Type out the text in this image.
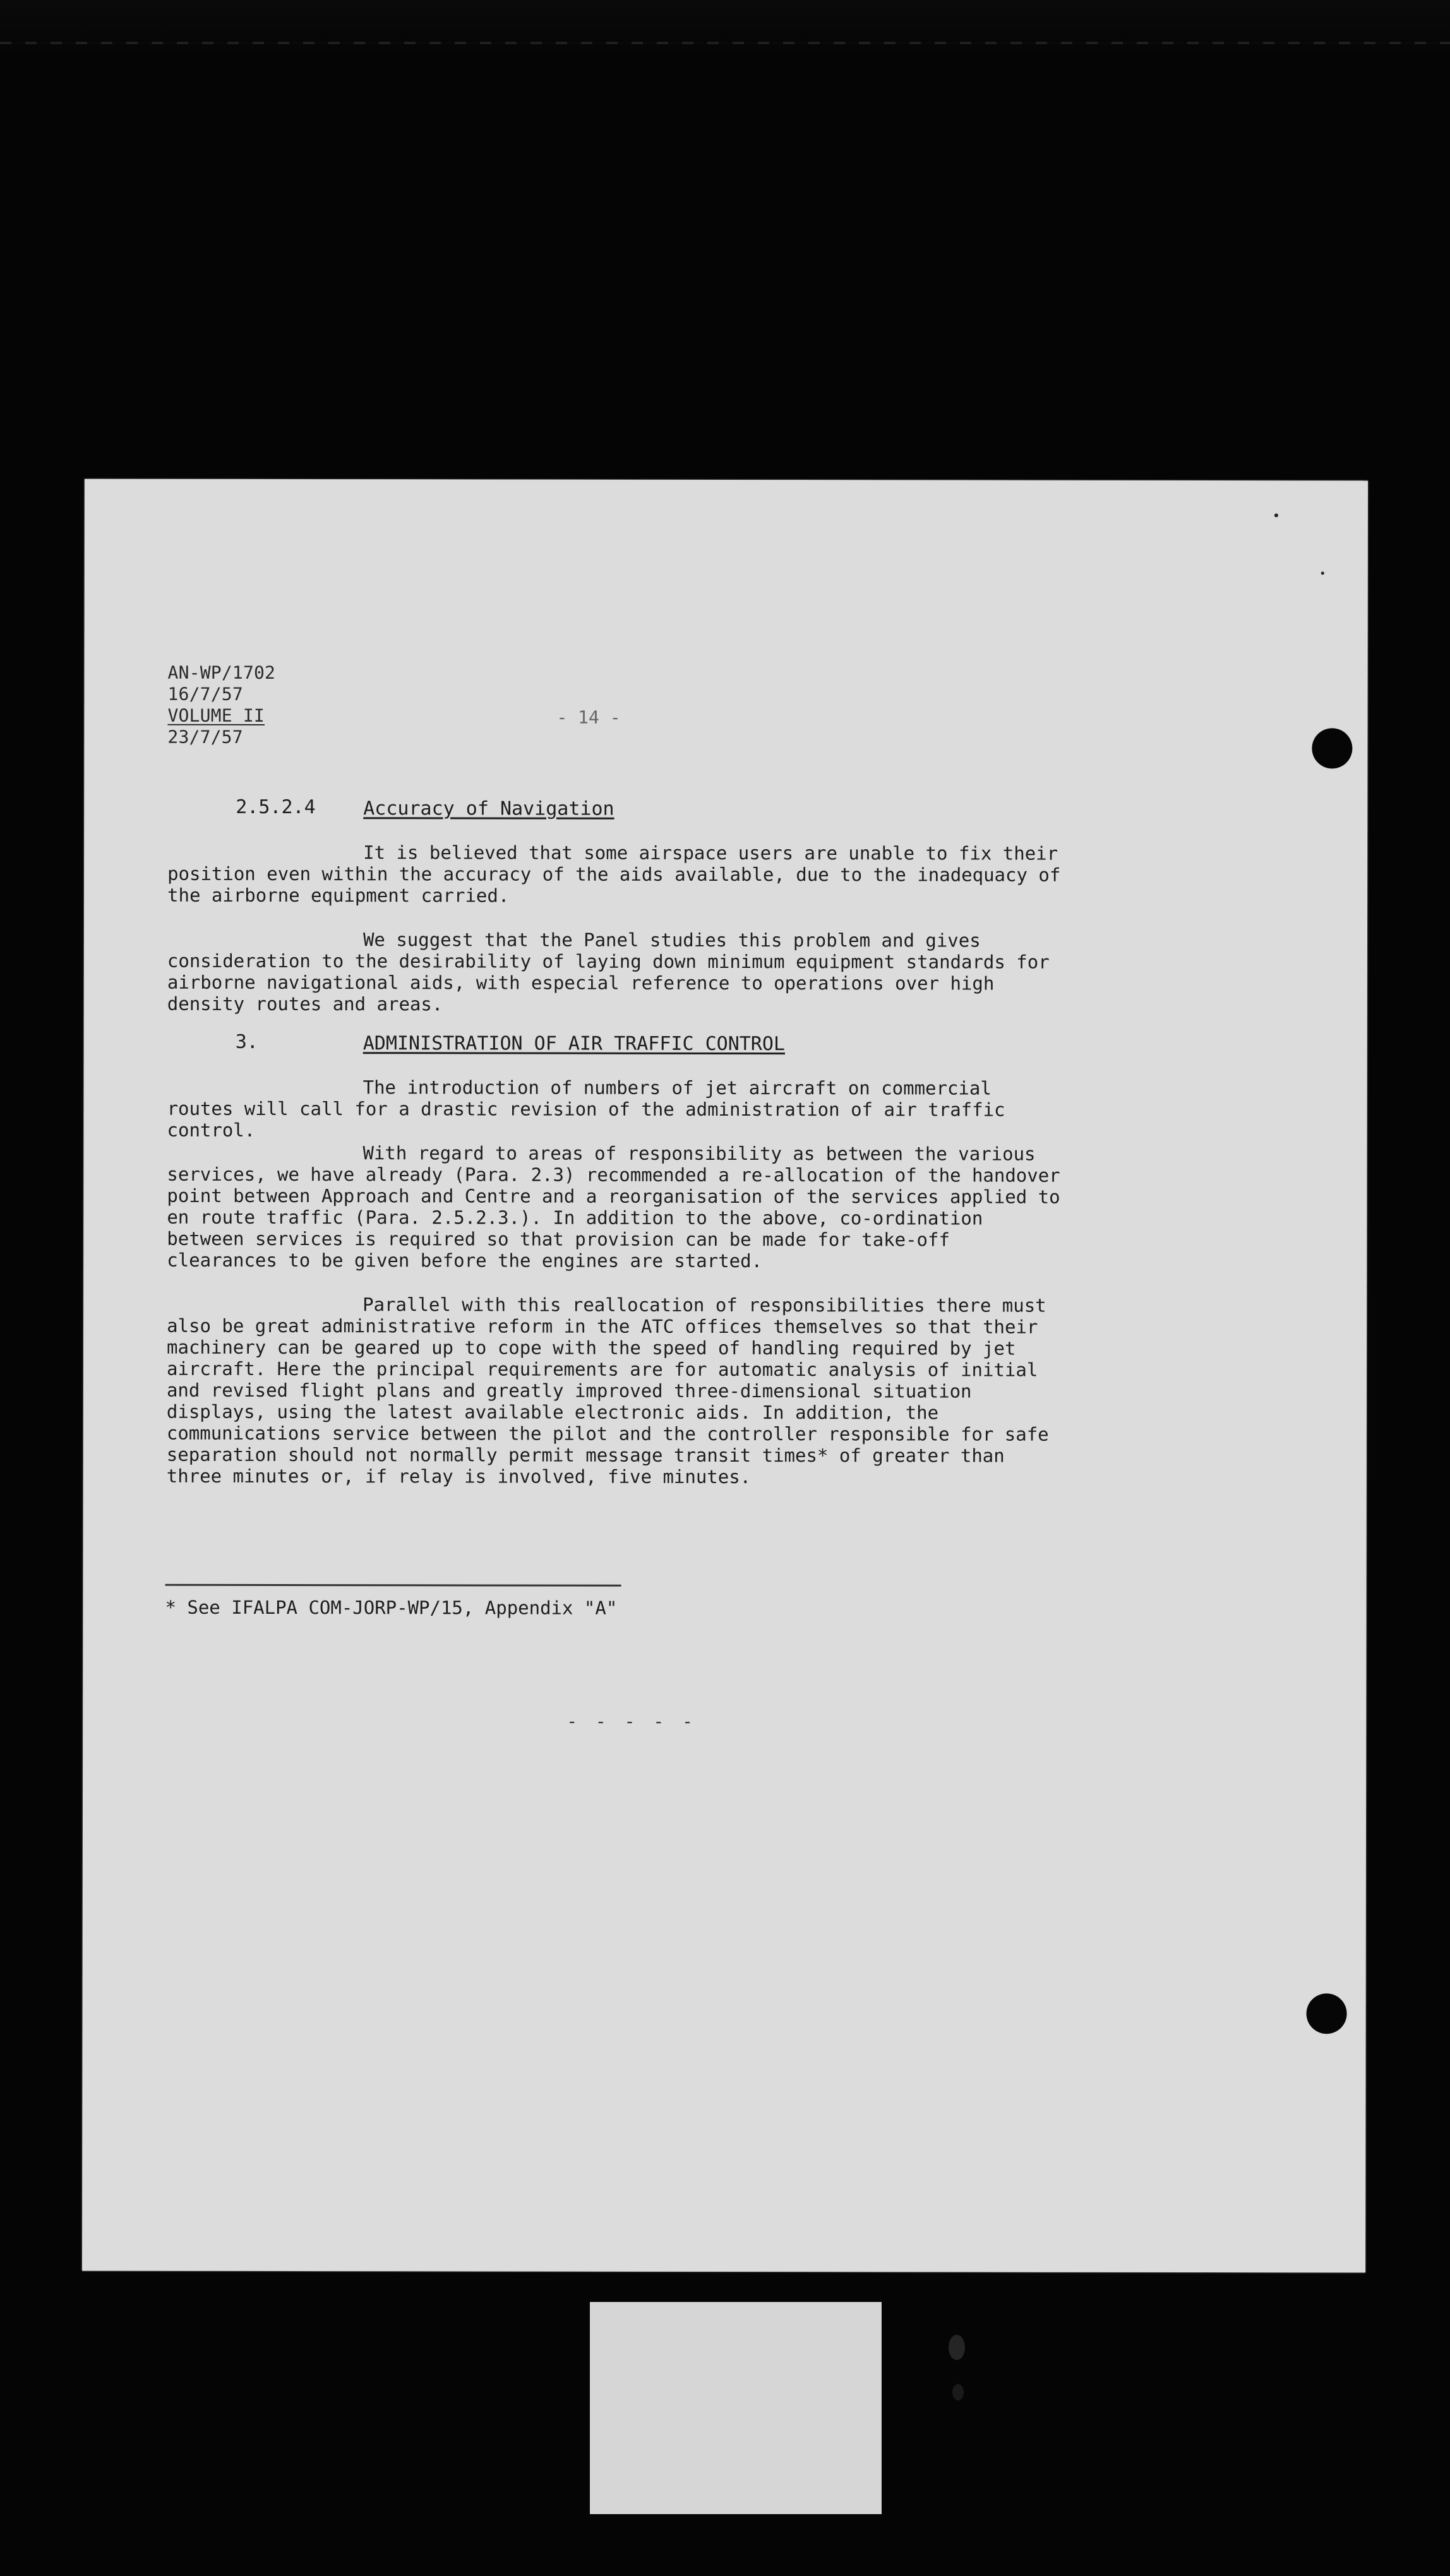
AN-WP/1702
16/7/57
VOLUME II
23/7/57
- 14 -
2.5.2.4	Accuracy of Navigation
It is believed that some airspace users are unable to fix their position even within the accuracy of the aids available, due to the inadequacy of the airborne equipment carried.
We suggest that the Panel studies this problem and gives consideration to the desirability of laying down minimum equipment standards for airborne navigational aids, with especial reference to operations over high density routes and areas.
3.	ADMINISTRATION OF AIR TRAFFIC CONTROL
The introduction of numbers of jet aircraft on commercial routes will call for a drastic revision of the administration of air traffic control.
With regard to areas of responsibility as between the various services, we have already (Para. 2.3) recommended a re-allocation of the handover point between Approach and Centre and a reorganisation of the services applied to en route traffic (Para. 2.5.2.3.). In addition to the above, co-ordination between services is required so that provision can be made for take-off clearances to be given before the engines are started.
Parallel with this reallocation of responsibilities there must also be great administrative reform in the ATC offices themselves so that their machinery can be geared up to cope with the speed of handling required by jet aircraft. Here the principal requirements are for automatic analysis of initial and revised flight plans and greatly improved three-dimensional situation displays, using the latest available electronic aids. In addition, the communications service between the pilot and the controller responsible for safe separation should not normally permit message transit times* of greater than three minutes or, if relay is involved, five minutes.
* See IFALPA COM-JORP-WP/15, Appendix "A"
- - - - -
